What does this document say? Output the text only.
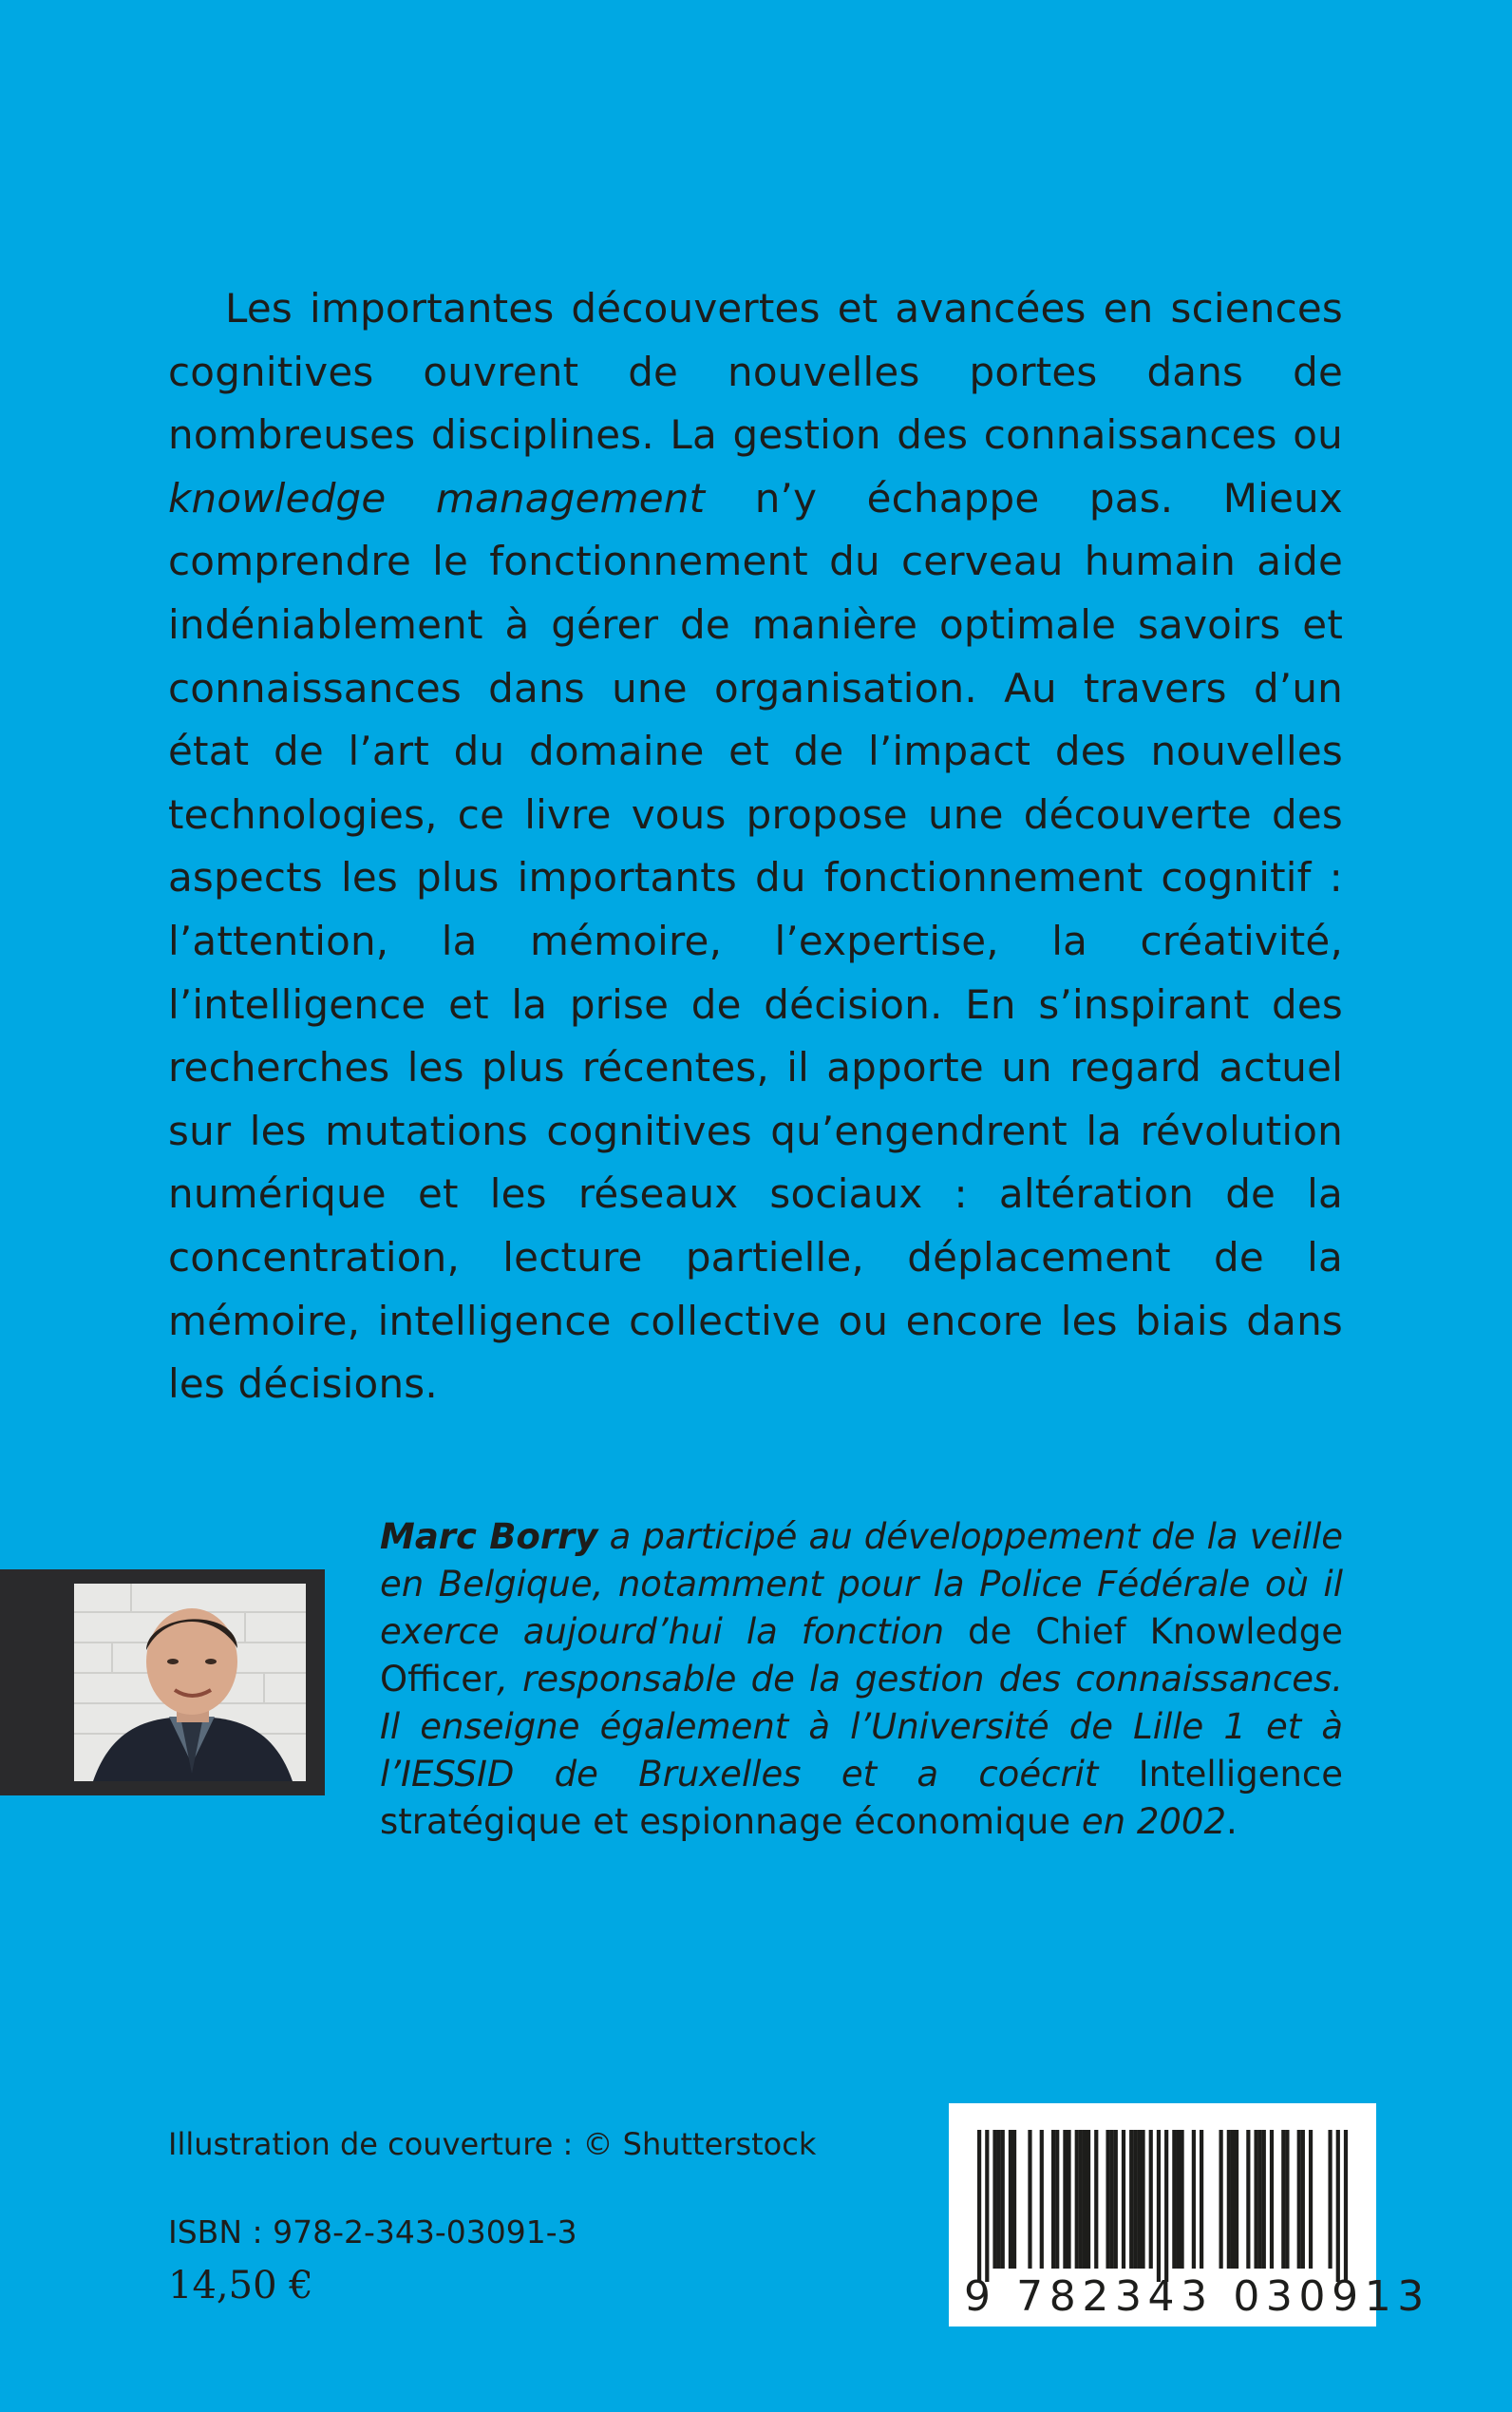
Les importantes découvertes et avancées en sciences cognitives ouvrent de nouvelles portes dans de nombreuses disciplines. La gestion des connaissances ou knowledge management n’y échappe pas. Mieux comprendre le fonctionnement du cerveau humain aide indéniablement à gérer de manière optimale savoirs et connaissances dans une organisation. Au travers d’un état de l’art du domaine et de l’impact des nouvelles technologies, ce livre vous propose une découverte des aspects les plus importants du fonctionnement cognitif : l’attention, la mémoire, l’expertise, la créativité, l’intelligence et la prise de décision. En s’inspirant des recherches les plus récentes, il apporte un regard actuel sur les mutations cognitives qu’engendrent la révolution numérique et les réseaux sociaux : altération de la concentration, lecture partielle, déplacement de la mémoire, intelligence collective ou encore les biais dans les décisions.

Marc Borry a participé au développement de la veille en Belgique, notamment pour la Police Fédérale où il exerce aujourd’hui la fonction de Chief Knowledge Officer, responsable de la gestion des connaissances. Il enseigne également à l’Université de Lille 1 et à l’IESSID de Bruxelles et a coécrit Intelligence stratégique et espionnage économique en 2002.

Illustration de couverture : © Shutterstock
ISBN : 978-2-343-03091-3
14,50 €	9 782343 030913
